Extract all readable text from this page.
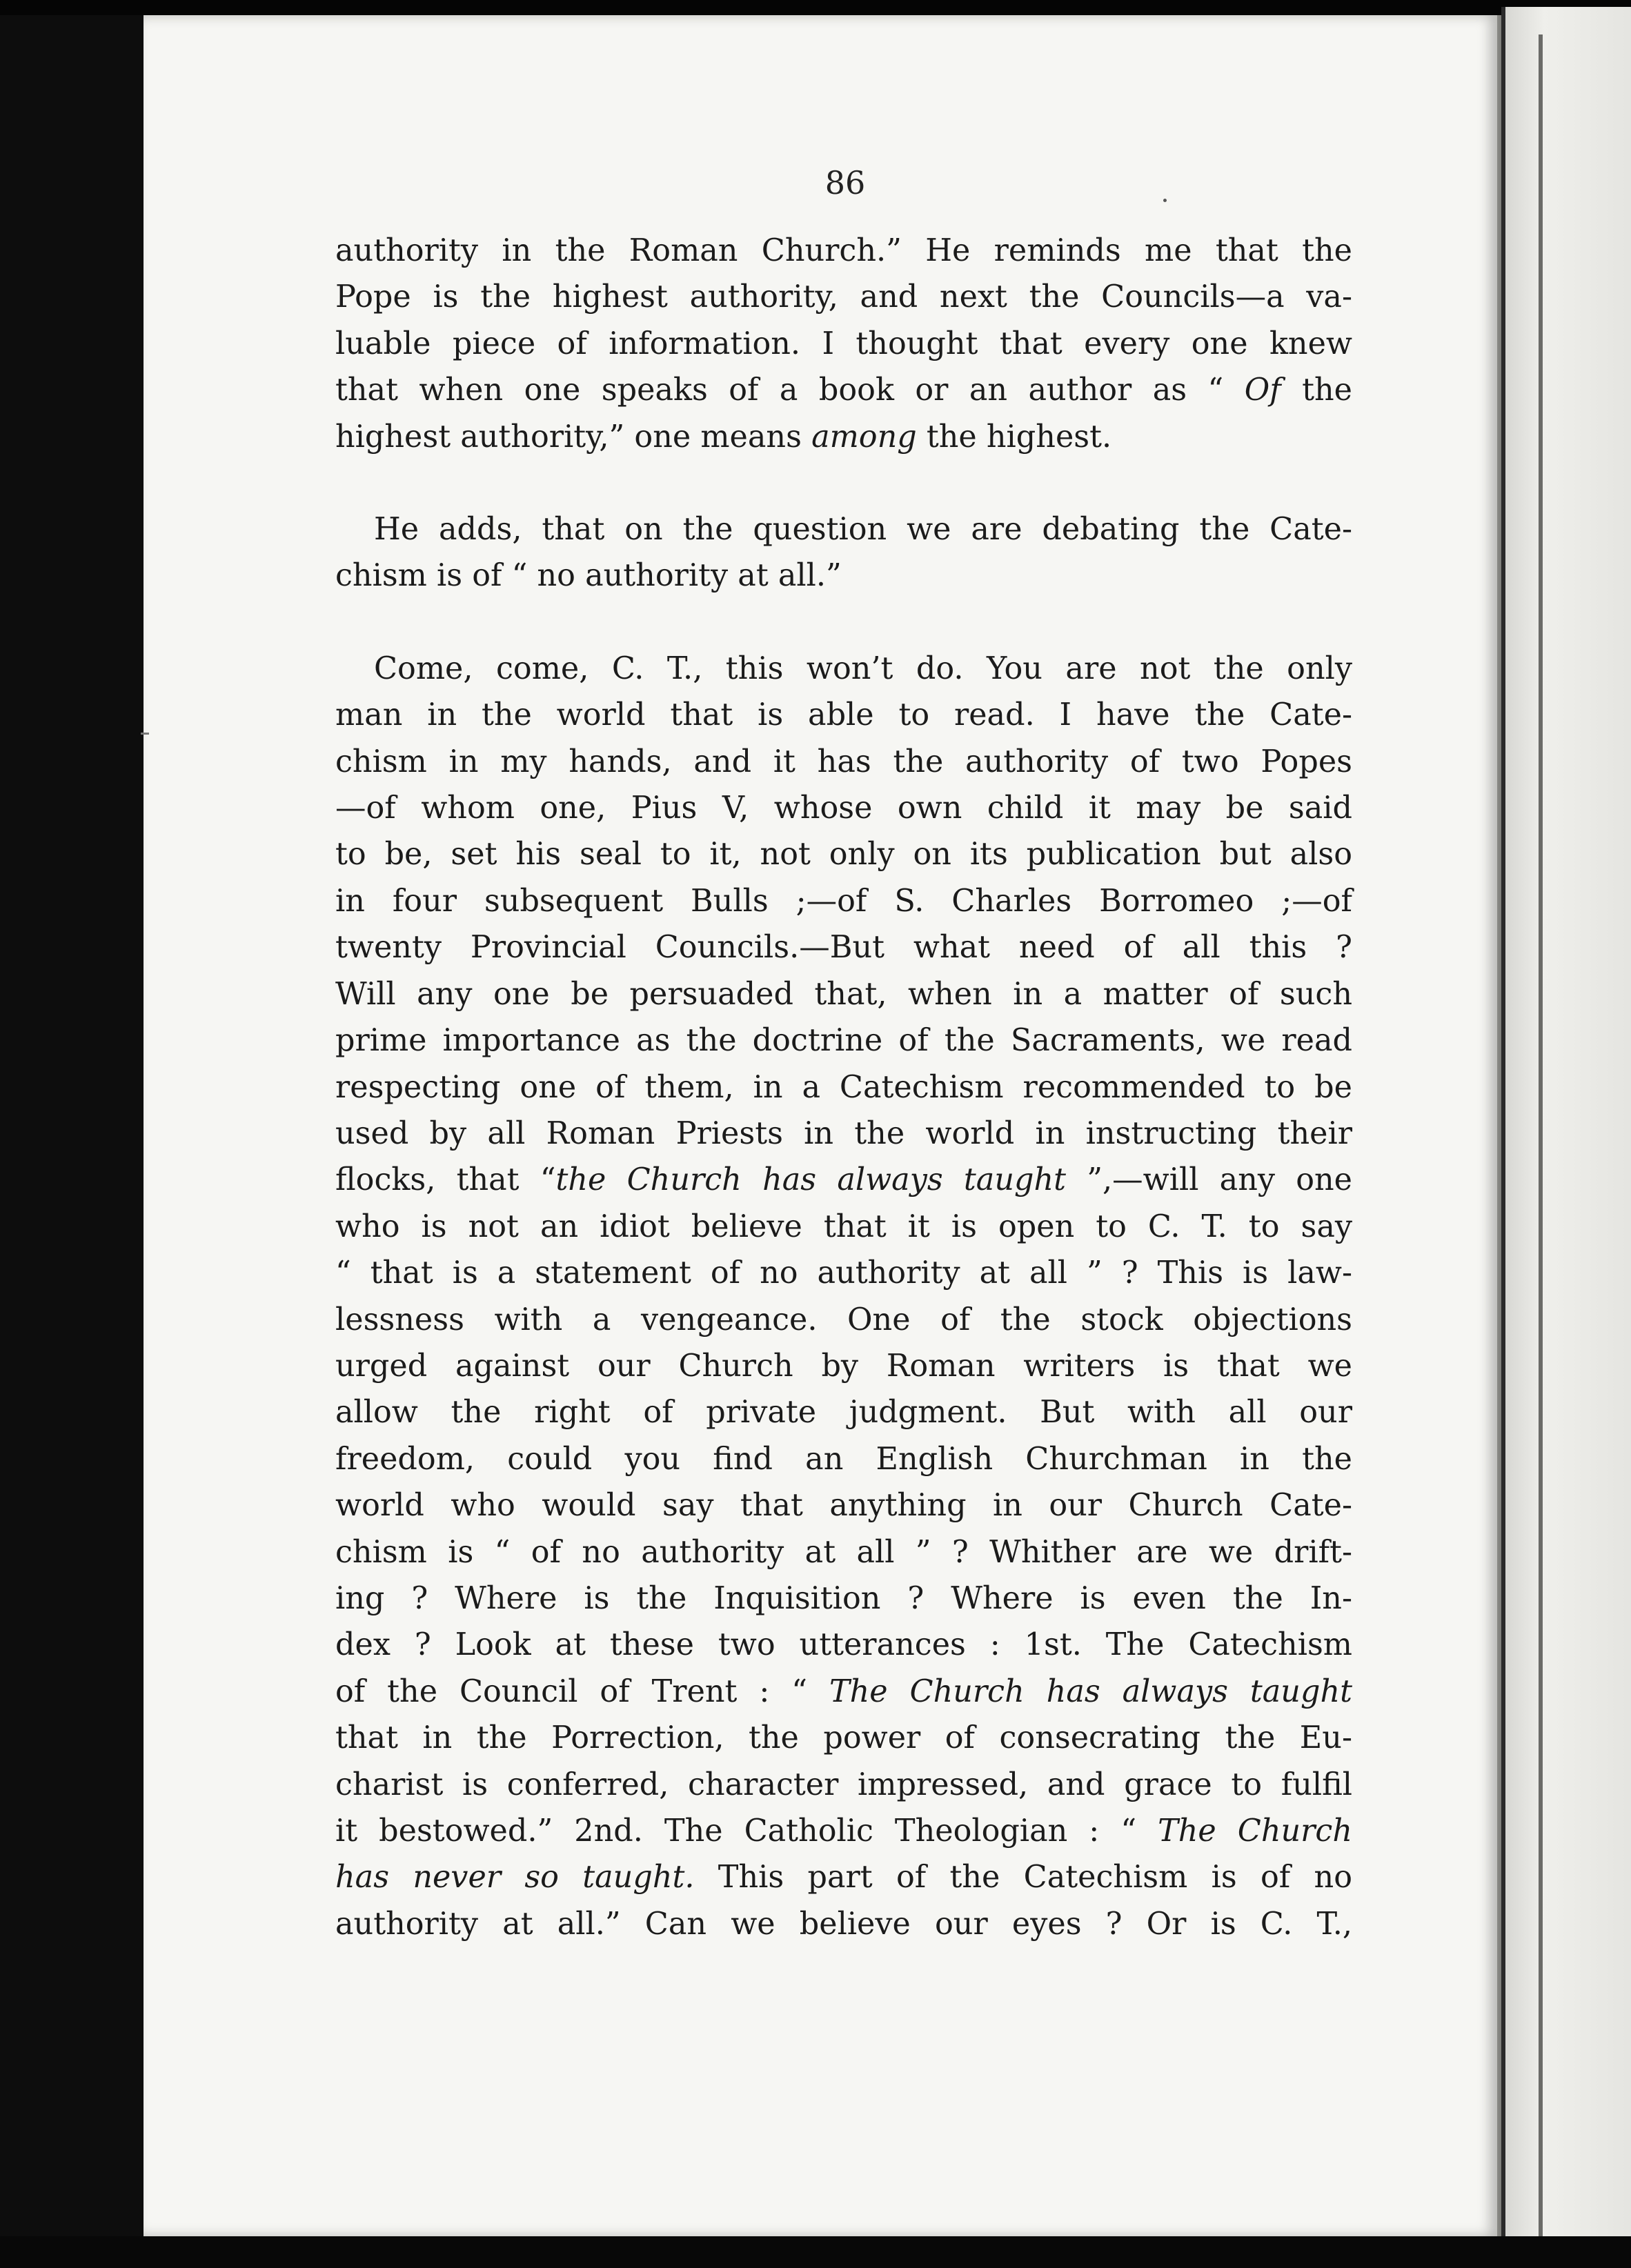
86
authority in the Roman Church.” He reminds me that the
Pope is the highest authority, and next the Councils—a va-
luable piece of information. I thought that every one knew
that when one speaks of a book or an author as “ Of the
highest authority,” one means among the highest.
He adds, that on the question we are debating the Cate-
chism is of “ no authority at all.”
Come, come, C. T., this won’t do. You are not the only
man in the world that is able to read. I have the Cate-
chism in my hands, and it has the authority of two Popes
—of whom one, Pius V, whose own child it may be said
to be, set his seal to it, not only on its publication but also
in four subsequent Bulls ;—of S. Charles Borromeo ;—of
twenty Provincial Councils.—But what need of all this ?
Will any one be persuaded that, when in a matter of such
prime importance as the doctrine of the Sacraments, we read
respecting one of them, in a Catechism recommended to be
used by all Roman Priests in the world in instructing their
flocks, that “the Church has always taught ”,—will any one
who is not an idiot believe that it is open to C. T. to say
“ that is a statement of no authority at all ” ? This is law-
lessness with a vengeance. One of the stock objections
urged against our Church by Roman writers is that we
allow the right of private judgment. But with all our
freedom, could you find an English Churchman in the
world who would say that anything in our Church Cate-
chism is “ of no authority at all ” ? Whither are we drift-
ing ? Where is the Inquisition ? Where is even the In-
dex ? Look at these two utterances : 1st. The Catechism
of the Council of Trent : “ The Church has always taught
that in the Porrection, the power of consecrating the Eu-
charist is conferred, character impressed, and grace to fulfil
it bestowed.” 2nd. The Catholic Theologian : “ The Church
has never so taught. This part of the Catechism is of no
authority at all.” Can we believe our eyes ? Or is C. T.,
